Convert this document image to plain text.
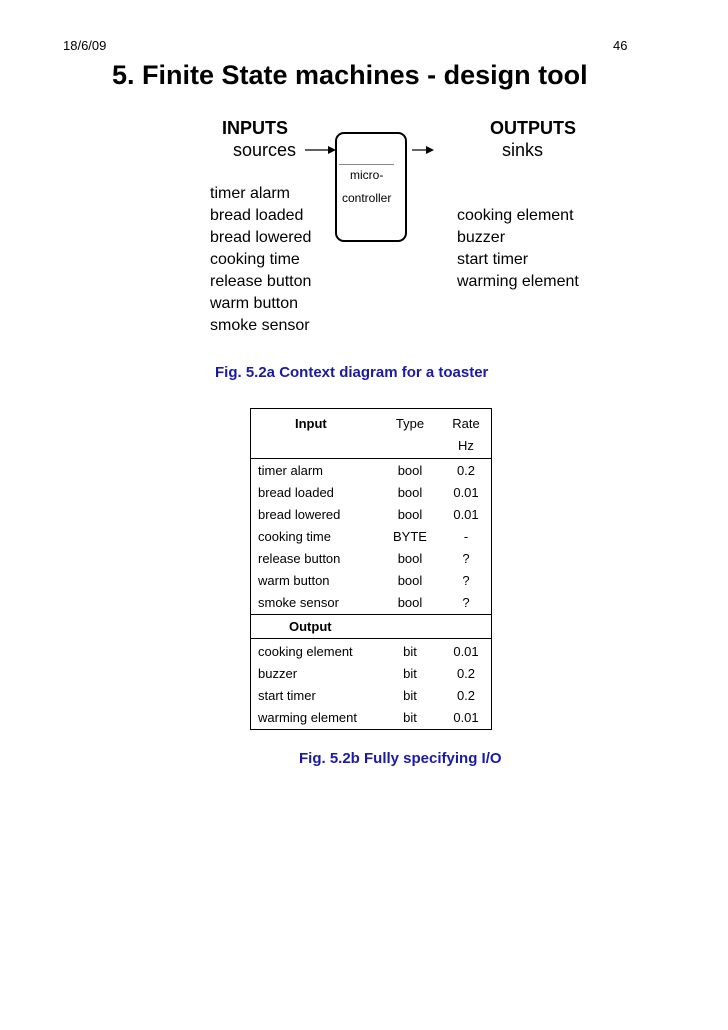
18/6/09	46
5. Finite State machines - design tool
INPUTS
sources
OUTPUTS
sinks
micro-
controller
timer alarm
bread loaded
bread lowered
cooking time
release button
warm button
smoke sensor
cooking element
buzzer
start timer
warming element
Fig. 5.2a Context diagram for a toaster
Input	Type	Rate
Hz
timer alarm	bool	0.2
bread loaded	bool	0.01
bread lowered	bool	0.01
cooking time	BYTE	-
release button	bool	?
warm button	bool	?
smoke sensor	bool	?
Output
cooking element	bit	0.01
buzzer	bit	0.2
start timer	bit	0.2
warming element	bit	0.01
Fig. 5.2b Fully specifying I/O
